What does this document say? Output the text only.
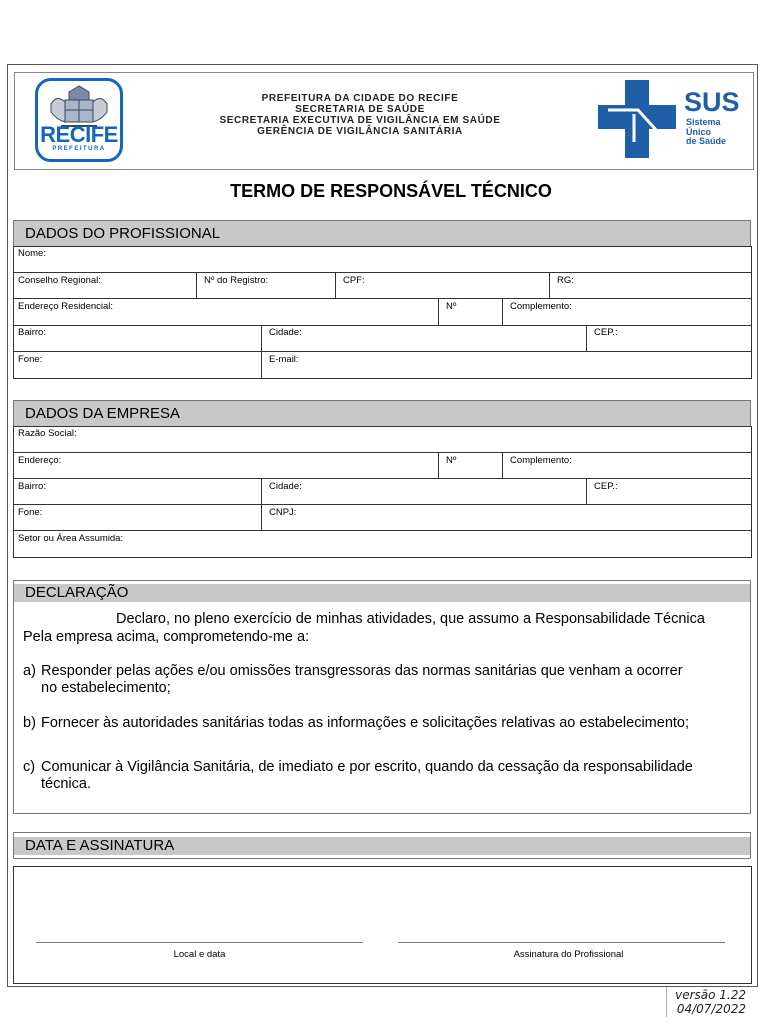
RECIFE
PREFEITURA
PREFEITURA DA CIDADE DO RECIFE
SECRETARIA DE SAÚDE
SECRETARIA EXECUTIVA DE VIGILÂNCIA EM SAÚDE
GERÊNCIA DE VIGILÂNCIA SANITÁRIA
SUS
Sistema
Único
de Saúde
TERMO DE RESPONSÁVEL TÉCNICO
DADOS DO PROFISSIONAL
Nome:
Conselho Regional:	Nº do Registro:	CPF:	RG:
Endereço Residencial:	Nº	Complemento:
Bairro:	Cidade:	CEP.:
Fone:	E-mail:
DADOS DA EMPRESA
Razão Social:
Endereço:	Nº	Complemento:
Bairro:	Cidade:	CEP.:
Fone:	CNPJ:
Setor ou Área Assumida:
DECLARAÇÃO
Declaro, no pleno exercício de minhas atividades, que assumo a Responsabilidade Técnica
Pela empresa acima, comprometendo-me a:
a) Responder pelas ações e/ou omissões transgressoras das normas sanitárias que venham a ocorrer
no estabelecimento;
b) Fornecer às autoridades sanitárias todas as informações e solicitações relativas ao estabelecimento;
c) Comunicar à Vigilância Sanitária, de imediato e por escrito, quando da cessação da responsabilidade
técnica.
DATA E ASSINATURA
Local e data	Assinatura do Profissional
versão 1.22
04/07/2022
